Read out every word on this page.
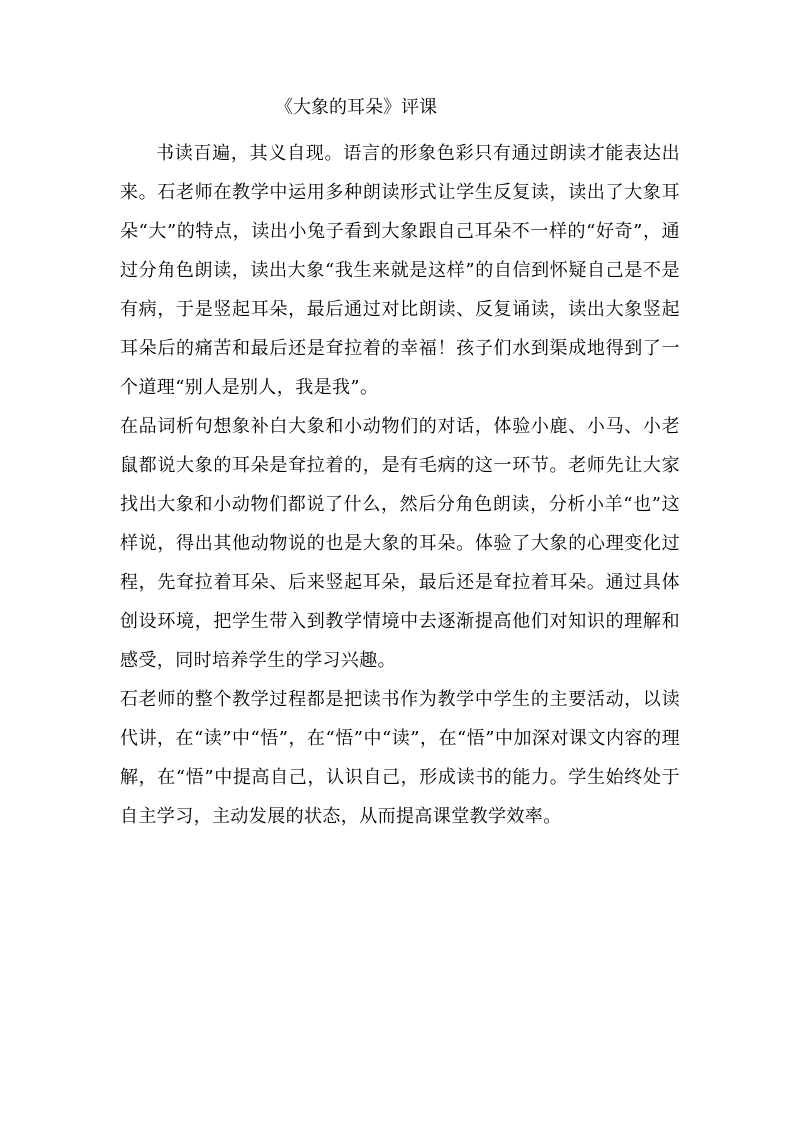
《大象的耳朵》评课

书读百遍，其义自现。语言的形象色彩只有通过朗读才能表达出来。石老师在教学中运用多种朗读形式让学生反复读，读出了大象耳朵“大”的特点，读出小兔子看到大象跟自己耳朵不一样的“好奇”，通过分角色朗读，读出大象“我生来就是这样”的自信到怀疑自己是不是有病，于是竖起耳朵，最后通过对比朗读、反复诵读，读出大象竖起耳朵后的痛苦和最后还是耷拉着的幸福！孩子们水到渠成地得到了一个道理“别人是别人，我是我”。

在品词析句想象补白大象和小动物们的对话，体验小鹿、小马、小老鼠都说大象的耳朵是耷拉着的，是有毛病的这一环节。老师先让大家找出大象和小动物们都说了什么，然后分角色朗读，分析小羊“也”这样说，得出其他动物说的也是大象的耳朵。体验了大象的心理变化过程，先耷拉着耳朵、后来竖起耳朵，最后还是耷拉着耳朵。通过具体创设环境，把学生带入到教学情境中去逐渐提高他们对知识的理解和感受，同时培养学生的学习兴趣。

石老师的整个教学过程都是把读书作为教学中学生的主要活动，以读代讲，在“读”中“悟”，在“悟”中“读”，在“悟”中加深对课文内容的理解，在“悟”中提高自己，认识自己，形成读书的能力。学生始终处于自主学习，主动发展的状态，从而提高课堂教学效率。
